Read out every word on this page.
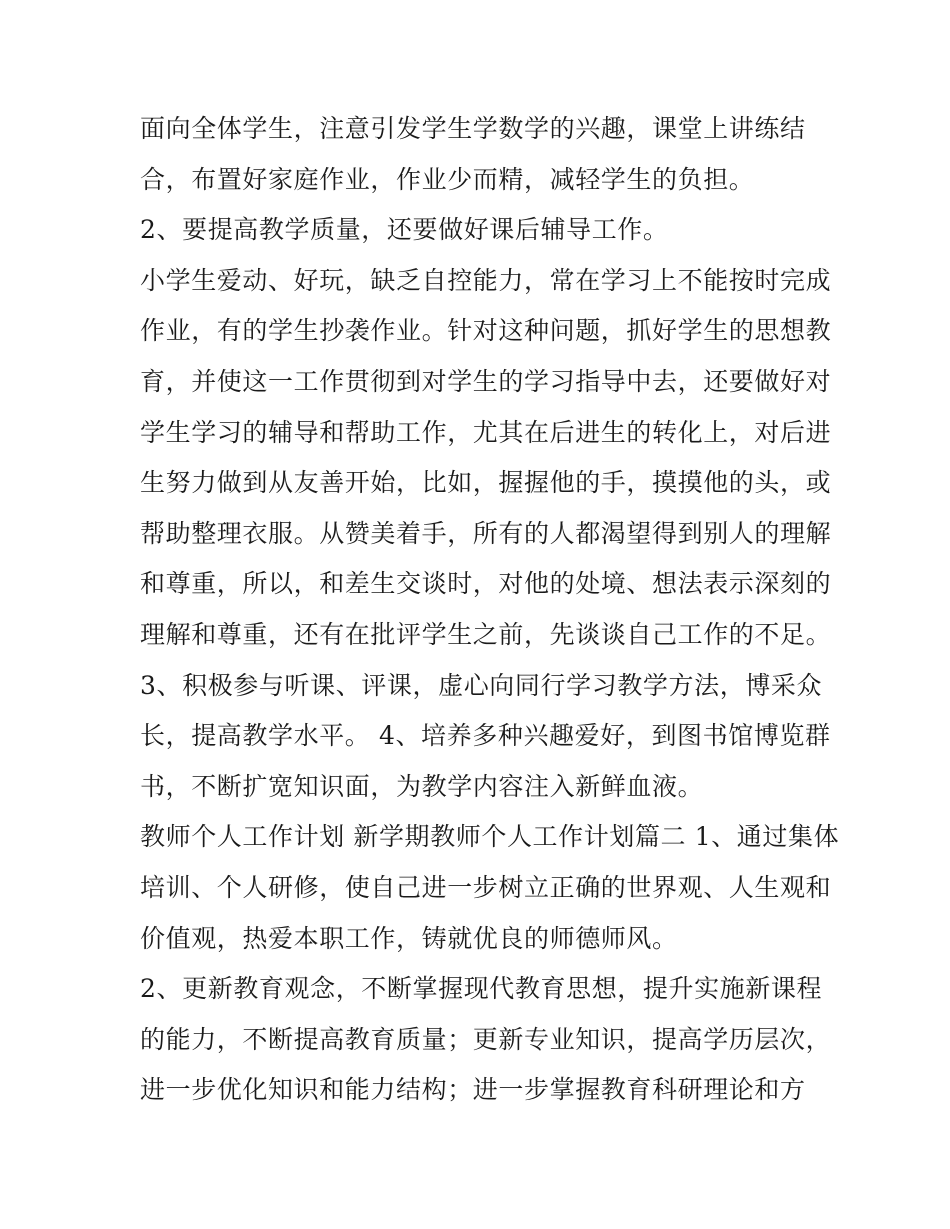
面向全体学生，注意引发学生学数学的兴趣，课堂上讲练结
合，布置好家庭作业，作业少而精，减轻学生的负担。
2、要提高教学质量，还要做好课后辅导工作。
小学生爱动、好玩，缺乏自控能力，常在学习上不能按时完成
作业，有的学生抄袭作业。针对这种问题，抓好学生的思想教
育，并使这一工作贯彻到对学生的学习指导中去，还要做好对
学生学习的辅导和帮助工作，尤其在后进生的转化上，对后进
生努力做到从友善开始，比如，握握他的手，摸摸他的头，或
帮助整理衣服。从赞美着手，所有的人都渴望得到别人的理解
和尊重，所以，和差生交谈时，对他的处境、想法表示深刻的
理解和尊重，还有在批评学生之前，先谈谈自己工作的不足。
3、积极参与听课、评课，虚心向同行学习教学方法，博采众
长，提高教学水平。 4、培养多种兴趣爱好，到图书馆博览群
书，不断扩宽知识面，为教学内容注入新鲜血液。
教师个人工作计划 新学期教师个人工作计划篇二 1、通过集体
培训、个人研修，使自己进一步树立正确的世界观、人生观和
价值观，热爱本职工作，铸就优良的师德师风。
2、更新教育观念，不断掌握现代教育思想，提升实施新课程
的能力，不断提高教育质量；更新专业知识，提高学历层次，
进一步优化知识和能力结构；进一步掌握教育科研理论和方
